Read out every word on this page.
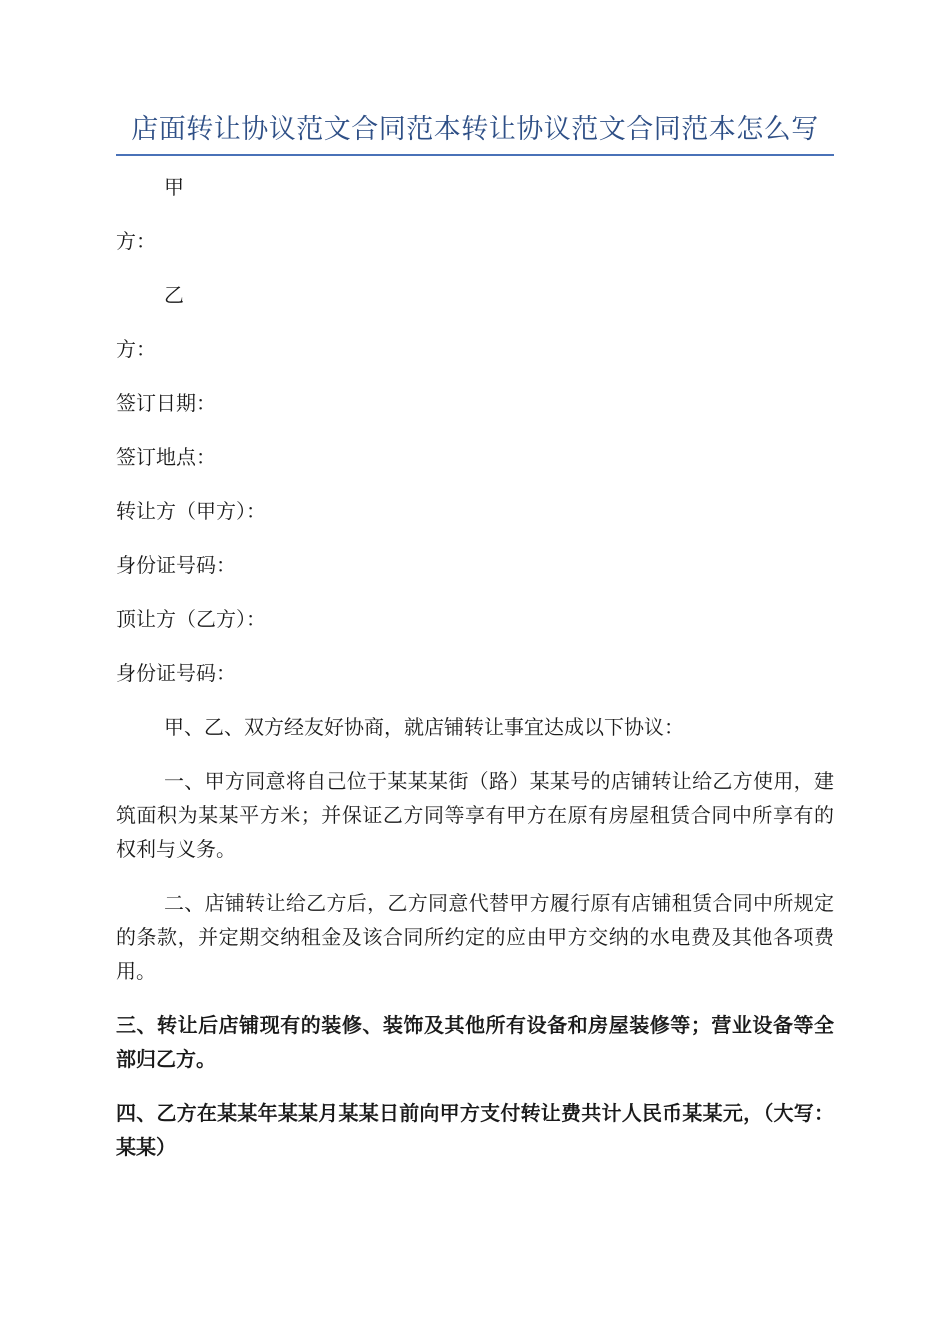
店面转让协议范文合同范本转让协议范文合同范本怎么写

甲

方：

乙

方：

签订日期：

签订地点：

转让方（甲方）：

身份证号码：

顶让方（乙方）：

身份证号码：

甲、乙、双方经友好协商，就店铺转让事宜达成以下协议：

一、甲方同意将自己位于某某某街（路）某某号的店铺转让给乙方使用，建筑面积为某某平方米；并保证乙方同等享有甲方在原有房屋租赁合同中所享有的权利与义务。

二、店铺转让给乙方后，乙方同意代替甲方履行原有店铺租赁合同中所规定的条款，并定期交纳租金及该合同所约定的应由甲方交纳的水电费及其他各项费用。

三、转让后店铺现有的装修、装饰及其他所有设备和房屋装修等；营业设备等全部归乙方。

四、乙方在某某年某某月某某日前向甲方支付转让费共计人民币某某元，（大写：某某）
